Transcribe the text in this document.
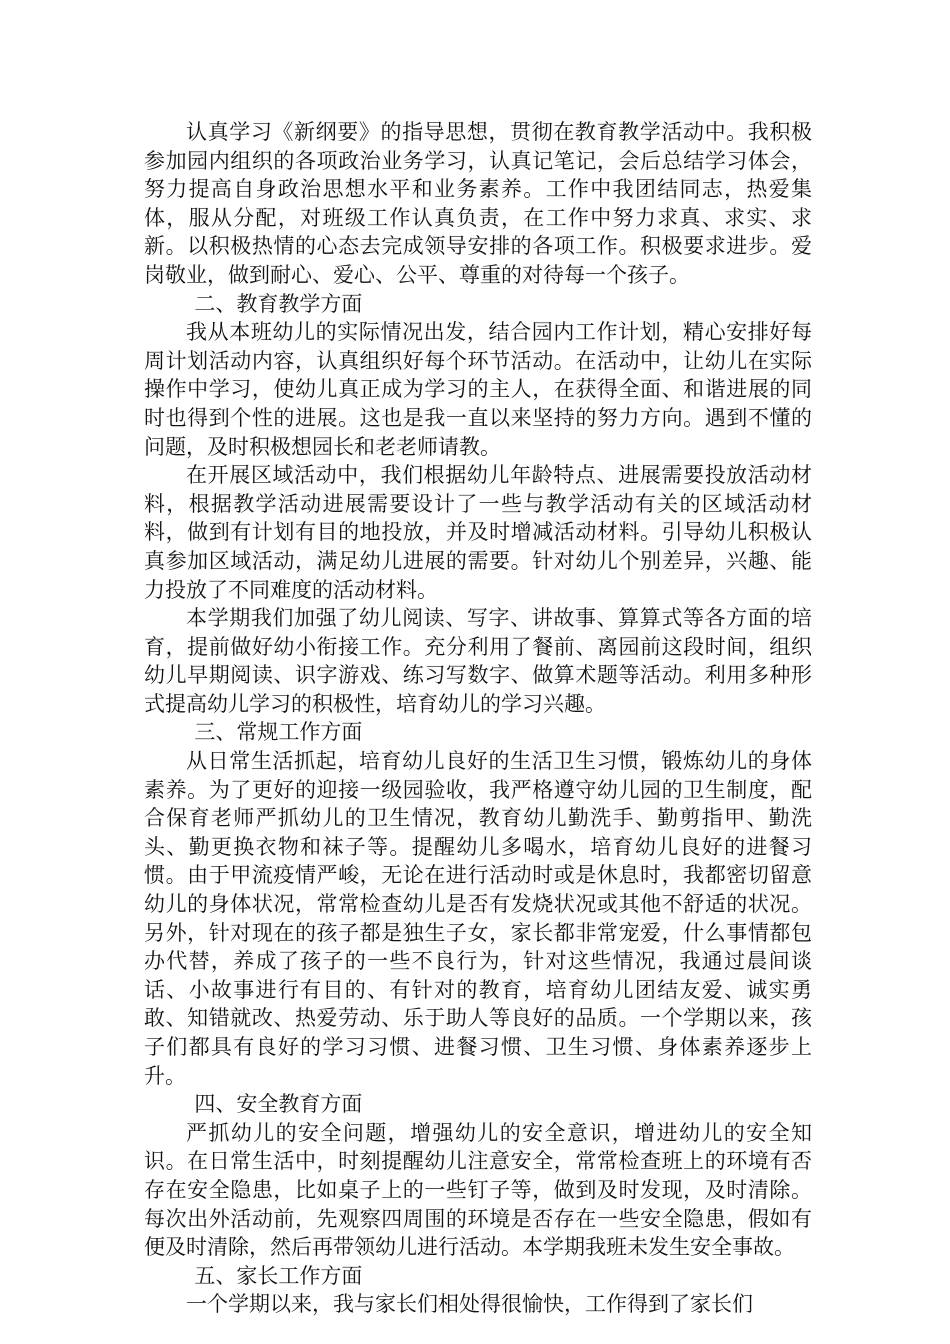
认真学习《新纲要》的指导思想，贯彻在教育教学活动中。我积极参加园内组织的各项政治业务学习，认真记笔记，会后总结学习体会，努力提高自身政治思想水平和业务素养。工作中我团结同志，热爱集体，服从分配，对班级工作认真负责，在工作中努力求真、求实、求新。以积极热情的心态去完成领导安排的各项工作。积极要求进步。爱岗敬业，做到耐心、爱心、公平、尊重的对待每一个孩子。

二、教育教学方面

我从本班幼儿的实际情况出发，结合园内工作计划，精心安排好每周计划活动内容，认真组织好每个环节活动。在活动中，让幼儿在实际操作中学习，使幼儿真正成为学习的主人，在获得全面、和谐进展的同时也得到个性的进展。这也是我一直以来坚持的努力方向。遇到不懂的问题，及时积极想园长和老老师请教。

在开展区域活动中，我们根据幼儿年龄特点、进展需要投放活动材料，根据教学活动进展需要设计了一些与教学活动有关的区域活动材料，做到有计划有目的地投放，并及时增减活动材料。引导幼儿积极认真参加区域活动，满足幼儿进展的需要。针对幼儿个别差异，兴趣、能力投放了不同难度的活动材料。

本学期我们加强了幼儿阅读、写字、讲故事、算算式等各方面的培育，提前做好幼小衔接工作。充分利用了餐前、离园前这段时间，组织幼儿早期阅读、识字游戏、练习写数字、做算术题等活动。利用多种形式提高幼儿学习的积极性，培育幼儿的学习兴趣。

三、常规工作方面

从日常生活抓起，培育幼儿良好的生活卫生习惯，锻炼幼儿的身体素养。为了更好的迎接一级园验收，我严格遵守幼儿园的卫生制度，配合保育老师严抓幼儿的卫生情况，教育幼儿勤洗手、勤剪指甲、勤洗头、勤更换衣物和袜子等。提醒幼儿多喝水，培育幼儿良好的进餐习惯。由于甲流疫情严峻，无论在进行活动时或是休息时，我都密切留意幼儿的身体状况，常常检查幼儿是否有发烧状况或其他不舒适的状况。另外，针对现在的孩子都是独生子女，家长都非常宠爱，什么事情都包办代替，养成了孩子的一些不良行为，针对这些情况，我通过晨间谈话、小故事进行有目的、有针对的教育，培育幼儿团结友爱、诚实勇敢、知错就改、热爱劳动、乐于助人等良好的品质。一个学期以来，孩子们都具有良好的学习习惯、进餐习惯、卫生习惯、身体素养逐步上升。

四、安全教育方面

严抓幼儿的安全问题，增强幼儿的安全意识，增进幼儿的安全知识。在日常生活中，时刻提醒幼儿注意安全，常常检查班上的环境有否存在安全隐患，比如桌子上的一些钉子等，做到及时发现，及时清除。每次出外活动前，先观察四周围的环境是否存在一些安全隐患，假如有便及时清除，然后再带领幼儿进行活动。本学期我班未发生安全事故。

五、家长工作方面

一个学期以来，我与家长们相处得很愉快，工作得到了家长们
